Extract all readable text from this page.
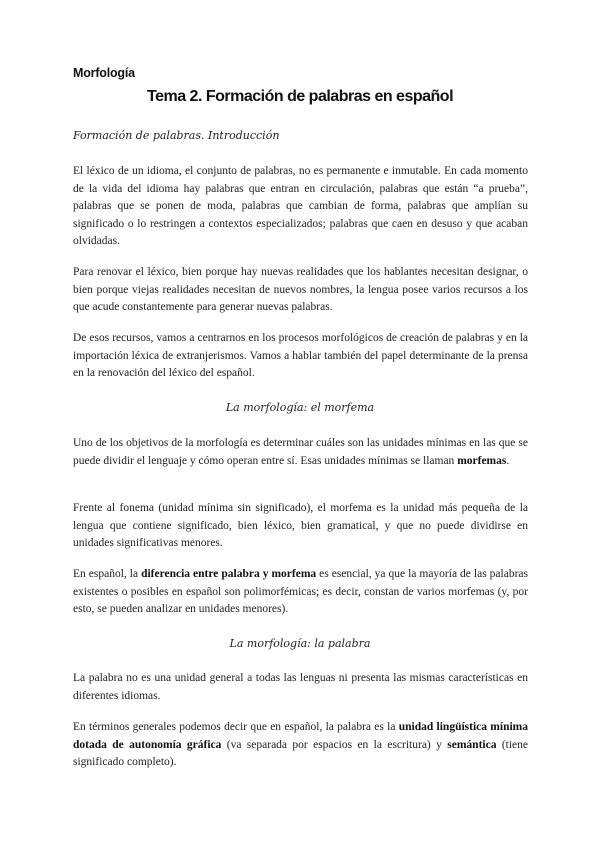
Morfología
Tema 2. Formación de palabras en español
Formación de palabras. Introducción

El léxico de un idioma, el conjunto de palabras, no es permanente e inmutable. En cada momento de la vida del idioma hay palabras que entran en circulación, palabras que están “a prueba”, palabras que se ponen de moda, palabras que cambian de forma, palabras que amplían su significado o lo restringen a contextos especializados; palabras que caen en desuso y que acaban olvidadas.

Para renovar el léxico, bien porque hay nuevas realidades que los hablantes necesitan designar, o bien porque viejas realidades necesitan de nuevos nombres, la lengua posee varios recursos a los que acude constantemente para generar nuevas palabras.

De esos recursos, vamos a centrarnos en los procesos morfológicos de creación de palabras y en la importación léxica de extranjerismos. Vamos a hablar también del papel determinante de la prensa en la renovación del léxico del español.

La morfología: el morfema

Uno de los objetivos de la morfología es determinar cuáles son las unidades mínimas en las que se puede dividir el lenguaje y cómo operan entre sí. Esas unidades mínimas se llaman morfemas.

Frente al fonema (unidad mínima sin significado), el morfema es la unidad más pequeña de la lengua que contiene significado, bien léxico, bien gramatical, y que no puede dividirse en unidades significativas menores.

En español, la diferencia entre palabra y morfema es esencial, ya que la mayoría de las palabras existentes o posibles en español son polimorfémicas; es decir, constan de varios morfemas (y, por esto, se pueden analizar en unidades menores).

La morfología: la palabra

La palabra no es una unidad general a todas las lenguas ni presenta las mismas características en diferentes idiomas.

En términos generales podemos decir que en español, la palabra es la unidad lingüística mínima dotada de autonomía gráfica (va separada por espacios en la escritura) y semántica (tiene significado completo).
